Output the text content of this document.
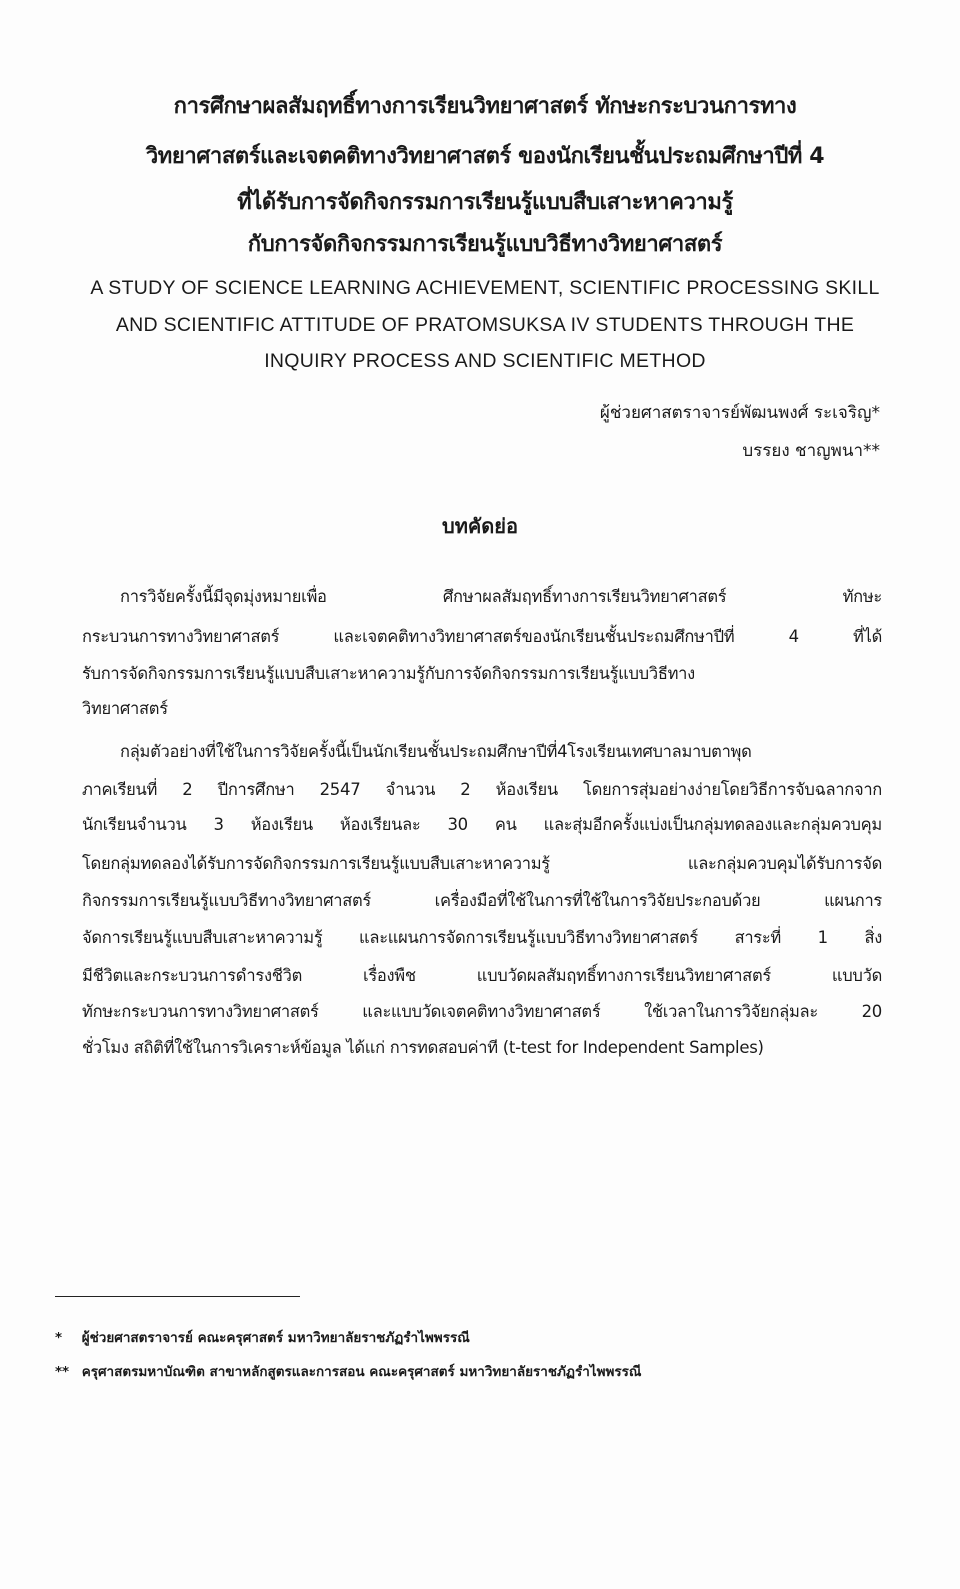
การศึกษาผลสัมฤทธิ์ทางการเรียนวิทยาศาสตร์ ทักษะกระบวนการทาง
วิทยาศาสตร์และเจตคติทางวิทยาศาสตร์ ของนักเรียนชั้นประถมศึกษาปีที่ 4
ที่ได้รับการจัดกิจกรรมการเรียนรู้แบบสืบเสาะหาความรู้
กับการจัดกิจกรรมการเรียนรู้แบบวิธีทางวิทยาศาสตร์
A STUDY OF SCIENCE LEARNING ACHIEVEMENT, SCIENTIFIC PROCESSING SKILL
AND SCIENTIFIC ATTITUDE OF PRATOMSUKSA IV STUDENTS THROUGH THE
INQUIRY PROCESS AND SCIENTIFIC METHOD
ผู้ช่วยศาสตราจารย์พัฒนพงศ์ ระเจริญ*
บรรยง ชาญพนา**
บทคัดย่อ
การวิจัยครั้งนี้มีจุดมุ่งหมายเพื่อ ศึกษาผลสัมฤทธิ์ทางการเรียนวิทยาศาสตร์ ทักษะ
กระบวนการทางวิทยาศาสตร์ และเจตคติทางวิทยาศาสตร์ของนักเรียนชั้นประถมศึกษาปีที่ 4 ที่ได้
รับการจัดกิจกรรมการเรียนรู้แบบสืบเสาะหาความรู้กับการจัดกิจกรรมการเรียนรู้แบบวิธีทาง
วิทยาศาสตร์
กลุ่มตัวอย่างที่ใช้ในการวิจัยครั้งนี้เป็นนักเรียนชั้นประถมศึกษาปีที่4โรงเรียนเทศบาลมาบตาพุด
ภาคเรียนที่ 2 ปีการศึกษา 2547 จำนวน 2 ห้องเรียน โดยการสุ่มอย่างง่ายโดยวิธีการจับฉลากจาก
นักเรียนจำนวน 3 ห้องเรียน ห้องเรียนละ 30 คน และสุ่มอีกครั้งแบ่งเป็นกลุ่มทดลองและกลุ่มควบคุม
โดยกลุ่มทดลองได้รับการจัดกิจกรรมการเรียนรู้แบบสืบเสาะหาความรู้ และกลุ่มควบคุมได้รับการจัด
กิจกรรมการเรียนรู้แบบวิธีทางวิทยาศาสตร์ เครื่องมือที่ใช้ในการที่ใช้ในการวิจัยประกอบด้วย แผนการ
จัดการเรียนรู้แบบสืบเสาะหาความรู้ และแผนการจัดการเรียนรู้แบบวิธีทางวิทยาศาสตร์ สาระที่ 1 สิ่ง
มีชีวิตและกระบวนการดำรงชีวิต เรื่องพืช แบบวัดผลสัมฤทธิ์ทางการเรียนวิทยาศาสตร์ แบบวัด
ทักษะกระบวนการทางวิทยาศาสตร์ และแบบวัดเจตคติทางวิทยาศาสตร์ ใช้เวลาในการวิจัยกลุ่มละ 20
ชั่วโมง สถิติที่ใช้ในการวิเคราะห์ข้อมูล ได้แก่ การทดสอบค่าที (t-test for Independent Samples)
* ผู้ช่วยศาสตราจารย์ คณะครุศาสตร์ มหาวิทยาลัยราชภัฏรำไพพรรณี
** ครุศาสตรมหาบัณฑิต สาขาหลักสูตรและการสอน คณะครุศาสตร์ มหาวิทยาลัยราชภัฏรำไพพรรณี
